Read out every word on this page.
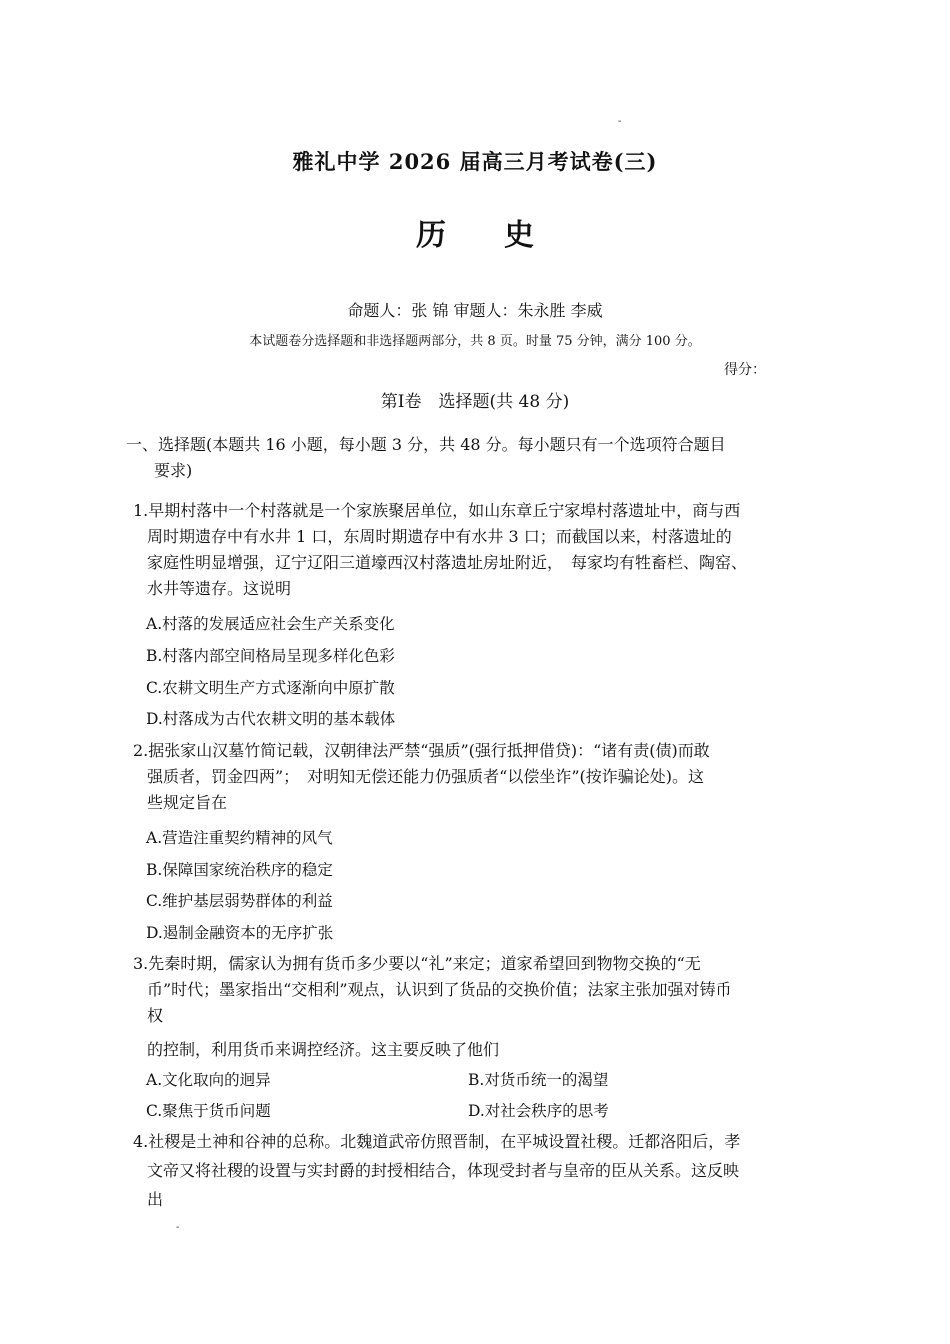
-
雅礼中学 2026 届高三月考试卷(三)
历史
命题人：张 锦 审题人：朱永胜 李威
本试题卷分选择题和非选择题两部分，共 8 页。时量 75 分钟，满分 100 分。
得分：
第Ⅰ卷　选择题(共 48 分)
一、选择题(本题共 16 小题，每小题 3 分，共 48 分。每小题只有一个选项符合题目
要求)
1.早期村落中一个村落就是一个家族聚居单位，如山东章丘宁家埠村落遗址中，商与西
周时期遗存中有水井 1 口，东周时期遗存中有水井 3 口；而截国以来，村落遗址的
家庭性明显增强，辽宁辽阳三道壕西汉村落遗址房址附近，　每家均有牲畜栏、陶窑、
水井等遗存。这说明
A.村落的发展适应社会生产关系变化
B.村落内部空间格局呈现多样化色彩
C.农耕文明生产方式逐渐向中原扩散
D.村落成为古代农耕文明的基本载体
2.据张家山汉墓竹简记载，汉朝律法严禁“强质”(强行抵押借贷)：“诸有责(债)而敢
强质者，罚金四两”；　对明知无偿还能力仍强质者“以偿坐诈”(按诈骗论处)。这
些规定旨在
A.营造注重契约精神的风气
B.保障国家统治秩序的稳定
C.维护基层弱势群体的利益
D.遏制金融资本的无序扩张
3.先秦时期，儒家认为拥有货币多少要以“礼”来定；道家希望回到物物交换的“无
币”时代；墨家指出“交相利”观点，认识到了货品的交换价值；法家主张加强对铸币
权
的控制，利用货币来调控经济。这主要反映了他们
A.文化取向的迥异	B.对货币统一的渴望
C.聚焦于货币问题	D.对社会秩序的思考
4.社稷是土神和谷神的总称。北魏道武帝仿照晋制，在平城设置社稷。迁都洛阳后，孝
文帝又将社稷的设置与实封爵的封授相结合，体现受封者与皇帝的臣从关系。这反映
出
-
